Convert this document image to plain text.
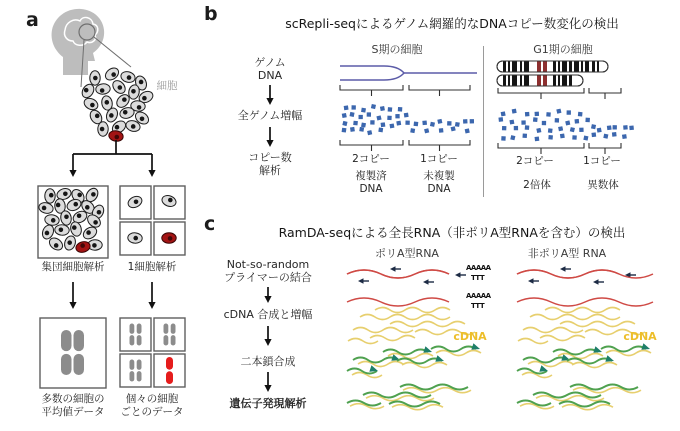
a
細胞
集団細胞解析 1細胞解析
多数の細胞の
平均値データ
個々の細胞
ごとのデータ
b	scRepli-seqによるゲノム網羅的なDNAコピー数変化の検出
S期の細胞	G1期の細胞
ゲノム
DNA
全ゲノム増幅
コピー数
解析
2コピー	1コピー
複製済
DNA
未複製
DNA
2コピー	1コピー
2倍体	異数体
c	RamDA-seqによる全長RNA（非ポリA型RNAを含む）の検出
ポリA型RNA	非ポリA型 RNA
Not-so-random
プライマーの結合
cDNA 合成と増幅
二本鎖合成
遺伝子発現解析
AAAAA
TTT
AAAAA
TTT
cDNA	cDNA
